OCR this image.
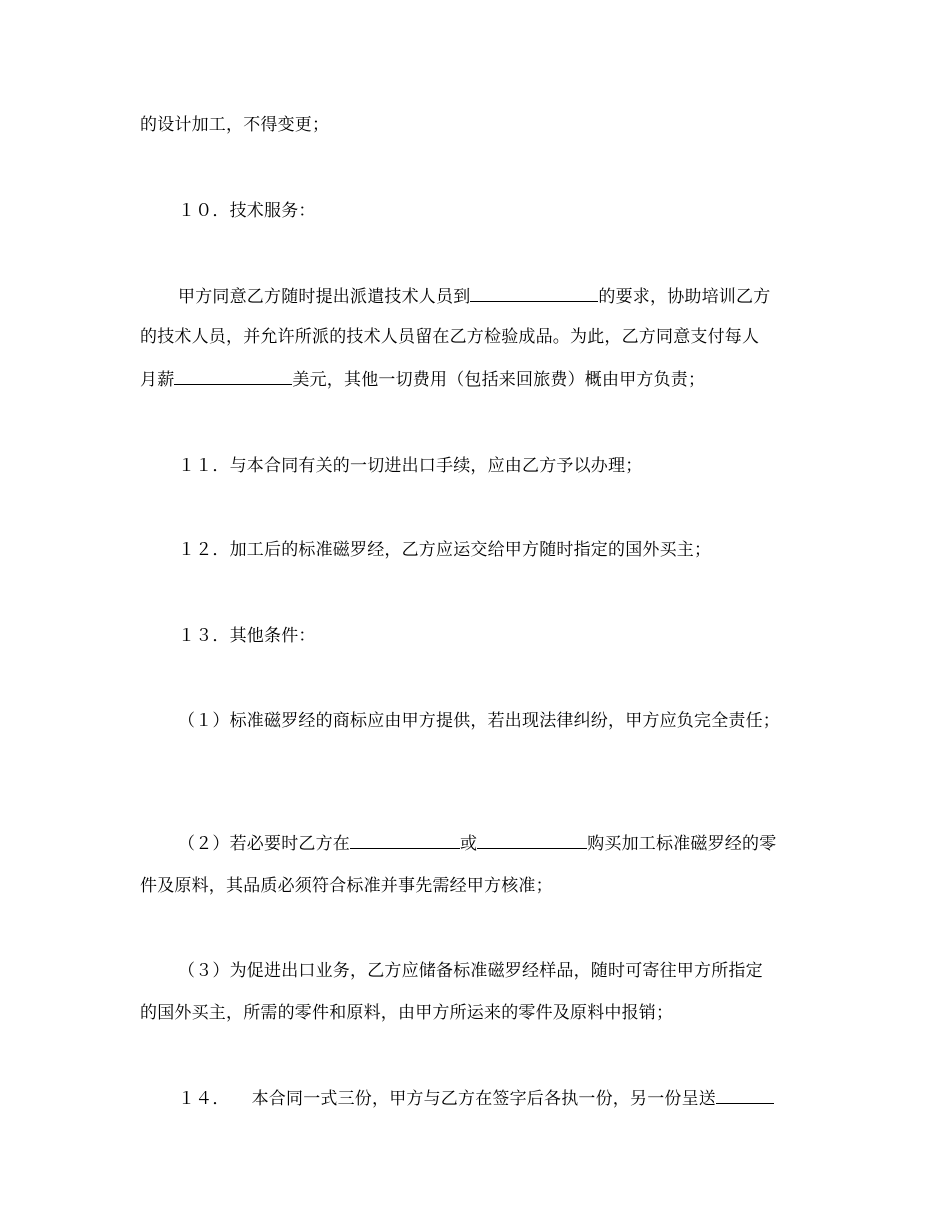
的设计加工，不得变更；
１０．技术服务：
甲方同意乙方随时提出派遣技术人员到	的要求，协助培训乙方
的技术人员，并允许所派的技术人员留在乙方检验成品。为此，乙方同意支付每人
月薪	美元，其他一切费用（包括来回旅费）概由甲方负责；
１１．与本合同有关的一切进出口手续，应由乙方予以办理；
１２．加工后的标准磁罗经，乙方应运交给甲方随时指定的国外买主；
１３．其他条件：
（１）标准磁罗经的商标应由甲方提供，若出现法律纠纷，甲方应负完全责任；
（２）若必要时乙方在	或	购买加工标准磁罗经的零
件及原料，其品质必须符合标准并事先需经甲方核准；
（３）为促进出口业务，乙方应储备标准磁罗经样品，随时可寄往甲方所指定
的国外买主，所需的零件和原料，由甲方所运来的零件及原料中报销；
１４． 本合同一式三份，甲方与乙方在签字后各执一份，另一份呈送
